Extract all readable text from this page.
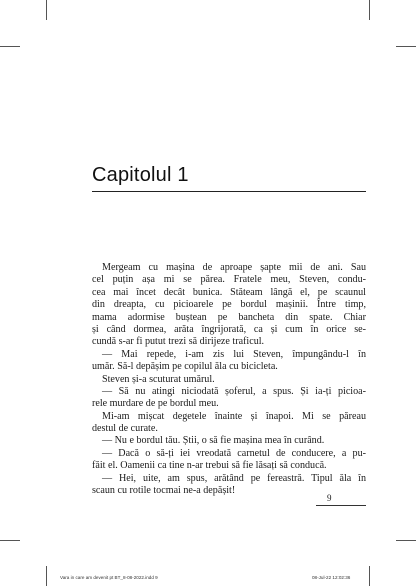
Capitolul 1
Mergeam cu mașina de aproape șapte mii de ani. Sau
cel puțin așa mi se părea. Fratele meu, Steven, condu-
cea mai încet decât bunica. Stăteam lângă el, pe scaunul
din dreapta, cu picioarele pe bordul mașinii. Între timp,
mama adormise buștean pe bancheta din spate. Chiar
și când dormea, arăta îngrijorată, ca și cum în orice se-
cundă s-ar fi putut trezi să dirijeze traficul.
— Mai repede, i-am zis lui Steven, împungându-l în
umăr. Să-l depășim pe copilul ăla cu bicicleta.
Steven și-a scuturat umărul.
— Să nu atingi niciodată șoferul, a spus. Și ia-ți picioa-
rele murdare de pe bordul meu.
Mi-am mișcat degetele înainte și înapoi. Mi se păreau
destul de curate.
— Nu e bordul tău. Știi, o să fie mașina mea în curând.
— Dacă o să-ți iei vreodată carnetul de conducere, a pu-
făit el. Oamenii ca tine n-ar trebui să fie lăsați să conducă.
— Hei, uite, am spus, arătând pe fereastră. Tipul ăla în
scaun cu rotile tocmai ne-a depășit!
9
Vara in care am devenit pt BT_8-08-2022.indd 9	08-Jul-22 12:02:36
